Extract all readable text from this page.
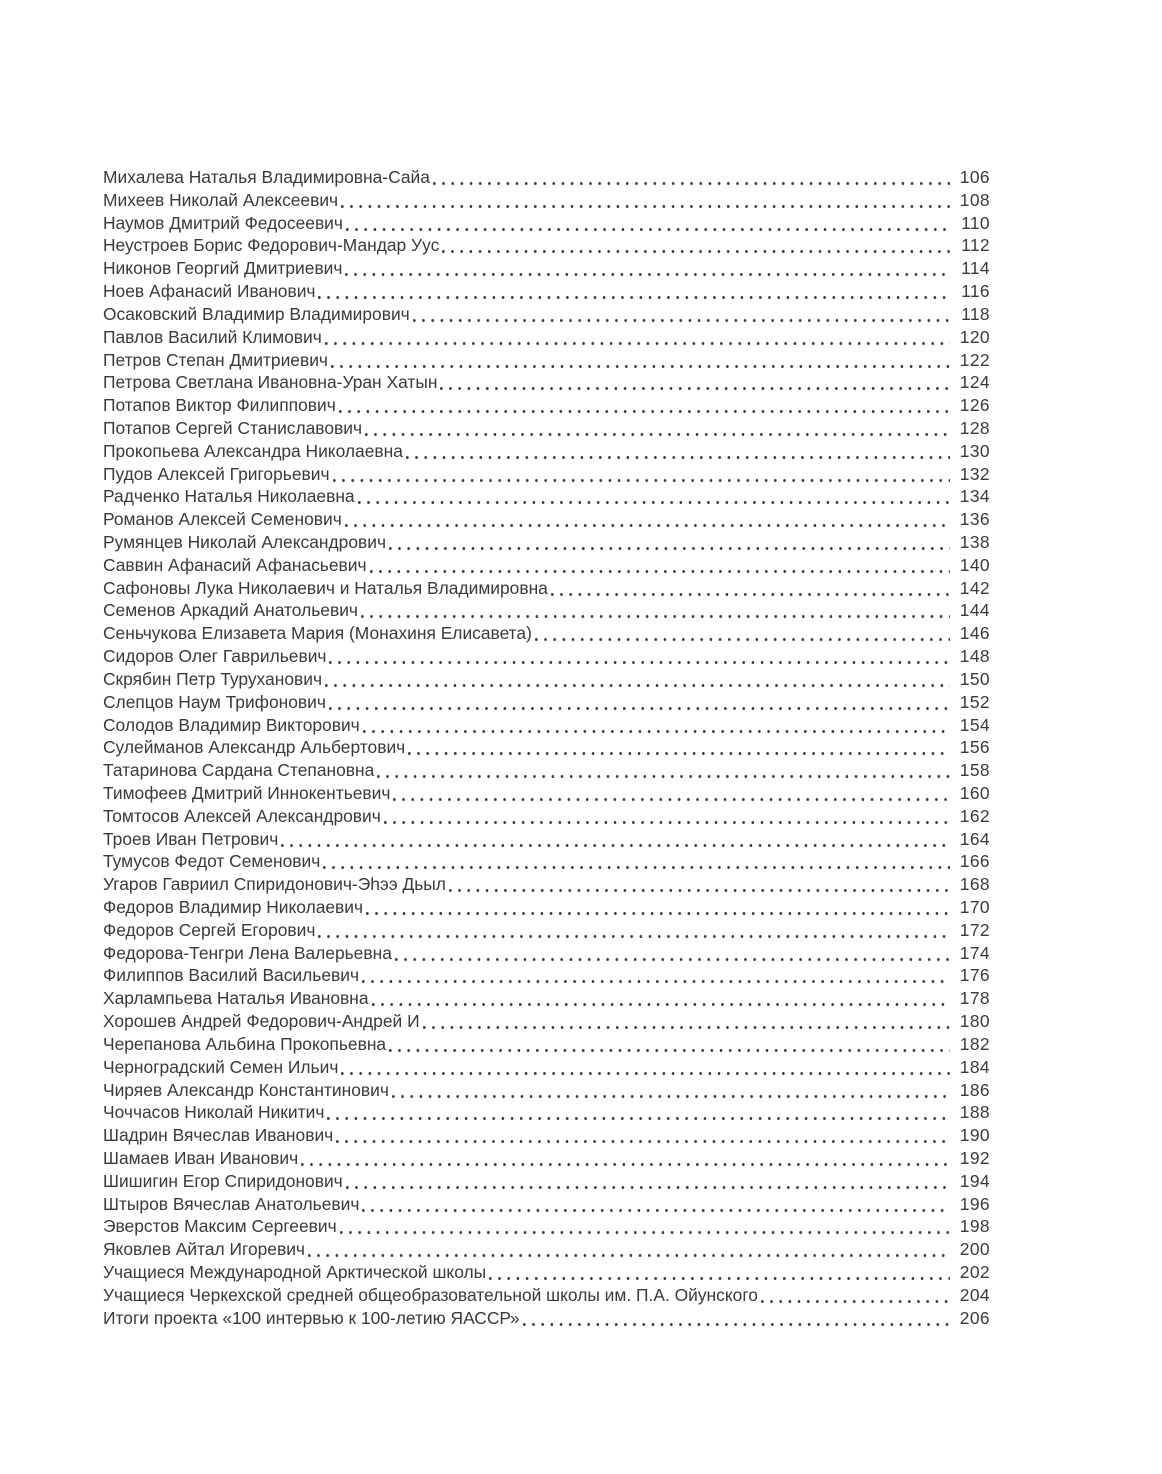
Михалева Наталья Владимировна-Сайа	106
Михеев Николай Алексеевич	108
Наумов Дмитрий Федосеевич	110
Неустроев Борис Федорович-Мандар Уус	112
Никонов Георгий Дмитриевич	114
Ноев Афанасий Иванович	116
Осаковский Владимир Владимирович	118
Павлов Василий Климович	120
Петров Степан Дмитриевич	122
Петрова Светлана Ивановна-Уран Хатын	124
Потапов Виктор Филиппович	126
Потапов Сергей Станиславович	128
Прокопьева Александра Николаевна	130
Пудов Алексей Григорьевич	132
Радченко Наталья Николаевна	134
Романов Алексей Семенович	136
Румянцев Николай Александрович	138
Саввин Афанасий Афанасьевич	140
Сафоновы Лука Николаевич и Наталья Владимировна	142
Семенов Аркадий Анатольевич	144
Сеньчукова Елизавета Мария (Монахиня Елисавета)	146
Сидоров Олег Гаврильевич	148
Скрябин Петр Туруханович	150
Слепцов Наум Трифонович	152
Солодов Владимир Викторович	154
Сулейманов Александр Альбертович	156
Татаринова Сардана Степановна	158
Тимофеев Дмитрий Иннокентьевич	160
Томтосов Алексей Александрович	162
Троев Иван Петрович	164
Тумусов Федот Семенович	166
Угаров Гавриил Спиридонович-Эһээ Дьыл	168
Федоров Владимир Николаевич	170
Федоров Сергей Егорович	172
Федорова-Тенгри Лена Валерьевна	174
Филиппов Василий Васильевич	176
Харлампьева Наталья Ивановна	178
Хорошев Андрей Федорович-Андрей И	180
Черепанова Альбина Прокопьевна	182
Черноградский Семен Ильич	184
Чиряев Александр Константинович	186
Чоччасов Николай Никитич	188
Шадрин Вячеслав Иванович	190
Шамаев Иван Иванович	192
Шишигин Егор Спиридонович	194
Штыров Вячеслав Анатольевич	196
Эверстов Максим Сергеевич	198
Яковлев Айтал Игоревич	200
Учащиеся Международной Арктической школы	202
Учащиеся Черкехской средней общеобразовательной школы им. П.А. Ойунского	204
Итоги проекта «100 интервью к 100-летию ЯАССР»	206
